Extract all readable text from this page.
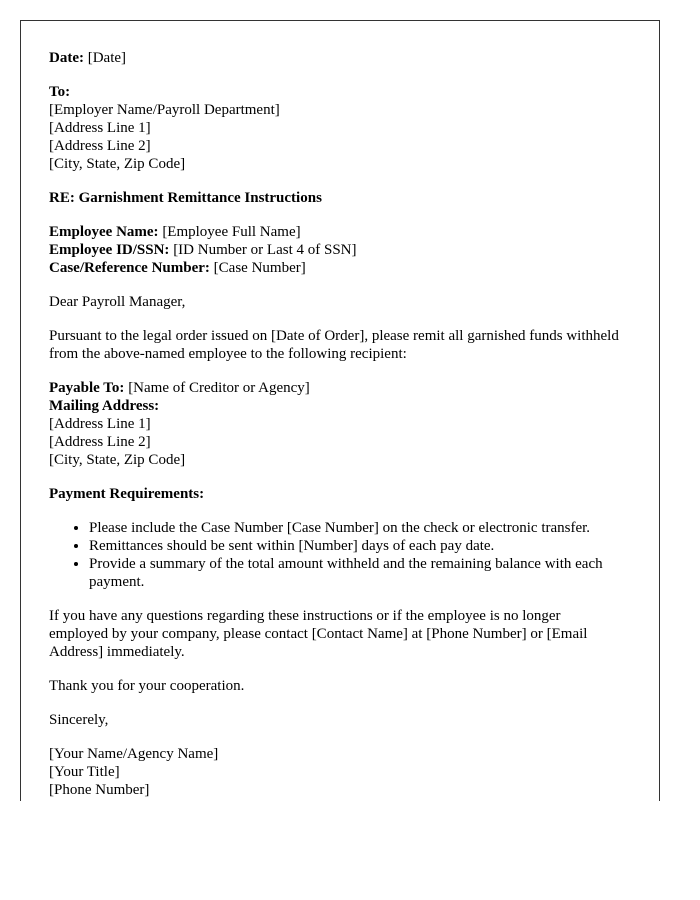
Date: [Date]

To:
[Employer Name/Payroll Department]
[Address Line 1]
[Address Line 2]
[City, State, Zip Code]

RE: Garnishment Remittance Instructions

Employee Name: [Employee Full Name]
Employee ID/SSN: [ID Number or Last 4 of SSN]
Case/Reference Number: [Case Number]

Dear Payroll Manager,

Pursuant to the legal order issued on [Date of Order], please remit all garnished funds withheld from the above-named employee to the following recipient:

Payable To: [Name of Creditor or Agency]
Mailing Address:
[Address Line 1]
[Address Line 2]
[City, State, Zip Code]

Payment Requirements:

• Please include the Case Number [Case Number] on the check or electronic transfer.
• Remittances should be sent within [Number] days of each pay date.
• Provide a summary of the total amount withheld and the remaining balance with each payment.

If you have any questions regarding these instructions or if the employee is no longer employed by your company, please contact [Contact Name] at [Phone Number] or [Email Address] immediately.

Thank you for your cooperation.

Sincerely,

[Your Name/Agency Name]
[Your Title]
[Phone Number]
